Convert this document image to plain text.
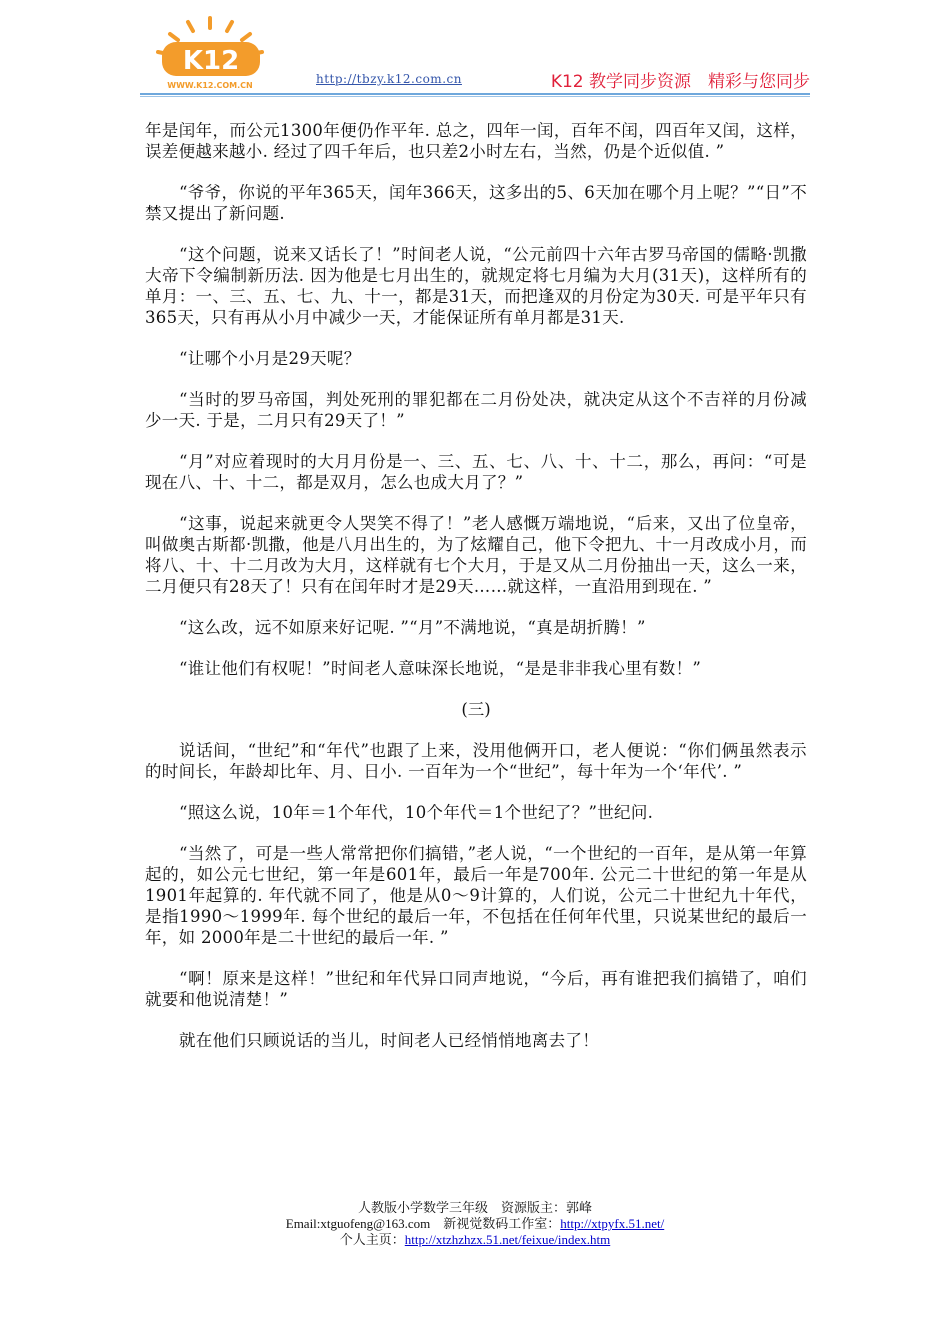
K12
WWW.K12.COM.CN	http://tbzy.k12.com.cn	K12 教学同步资源　精彩与您同步

年是闰年，而公元1300年便仍作平年. 总之，四年一闰，百年不闰，四百年又闰，这样，误差便越来越小. 经过了四千年后，也只差2小时左右，当然，仍是个近似值. ”

“爷爷，你说的平年365天，闰年366天，这多出的5、6天加在哪个月上呢？”“日”不禁又提出了新问题.

“这个问题，说来又话长了！”时间老人说，“公元前四十六年古罗马帝国的儒略·凯撒大帝下令编制新历法. 因为他是七月出生的，就规定将七月编为大月(31天)，这样所有的单月：一、三、五、七、九、十一，都是31天，而把逢双的月份定为30天. 可是平年只有365天，只有再从小月中减少一天，才能保证所有单月都是31天.

“让哪个小月是29天呢？

“当时的罗马帝国，判处死刑的罪犯都在二月份处决，就决定从这个不吉祥的月份减少一天. 于是，二月只有29天了！”

“月”对应着现时的大月月份是一、三、五、七、八、十、十二，那么，再问：“可是现在八、十、十二，都是双月，怎么也成大月了？”

“这事，说起来就更令人哭笑不得了！”老人感慨万端地说，“后来，又出了位皇帝，叫做奥古斯都·凯撒，他是八月出生的，为了炫耀自己，他下令把九、十一月改成小月，而将八、十、十二月改为大月，这样就有七个大月，于是又从二月份抽出一天，这么一来，二月便只有28天了！只有在闰年时才是29天……就这样，一直沿用到现在. ”

“这么改，远不如原来好记呢. ”“月”不满地说，“真是胡折腾！”

“谁让他们有权呢！”时间老人意味深长地说，“是是非非我心里有数！”

(三)

说话间，“世纪”和“年代”也跟了上来，没用他俩开口，老人便说：“你们俩虽然表示的时间长，年龄却比年、月、日小. 一百年为一个“世纪”，每十年为一个‘年代’. ”

“照这么说，10年＝1个年代，10个年代＝1个世纪了？”世纪问.

“当然了，可是一些人常常把你们搞错，”老人说，“一个世纪的一百年，是从第一年算起的，如公元七世纪，第一年是601年，最后一年是700年. 公元二十世纪的第一年是从1901年起算的. 年代就不同了，他是从0～9计算的，人们说，公元二十世纪九十年代，是指1990～1999年. 每个世纪的最后一年，不包括在任何年代里，只说某世纪的最后一年，如 2000年是二十世纪的最后一年. ”

“啊！原来是这样！”世纪和年代异口同声地说，“今后，再有谁把我们搞错了，咱们就要和他说清楚！”

就在他们只顾说话的当儿，时间老人已经悄悄地离去了！

人教版小学数学三年级　资源版主：郭峰
Email:xtguofeng@163.com　新视觉数码工作室：http://xtpyfx.51.net/
个人主页：http://xtzhzhzx.51.net/feixue/index.htm
